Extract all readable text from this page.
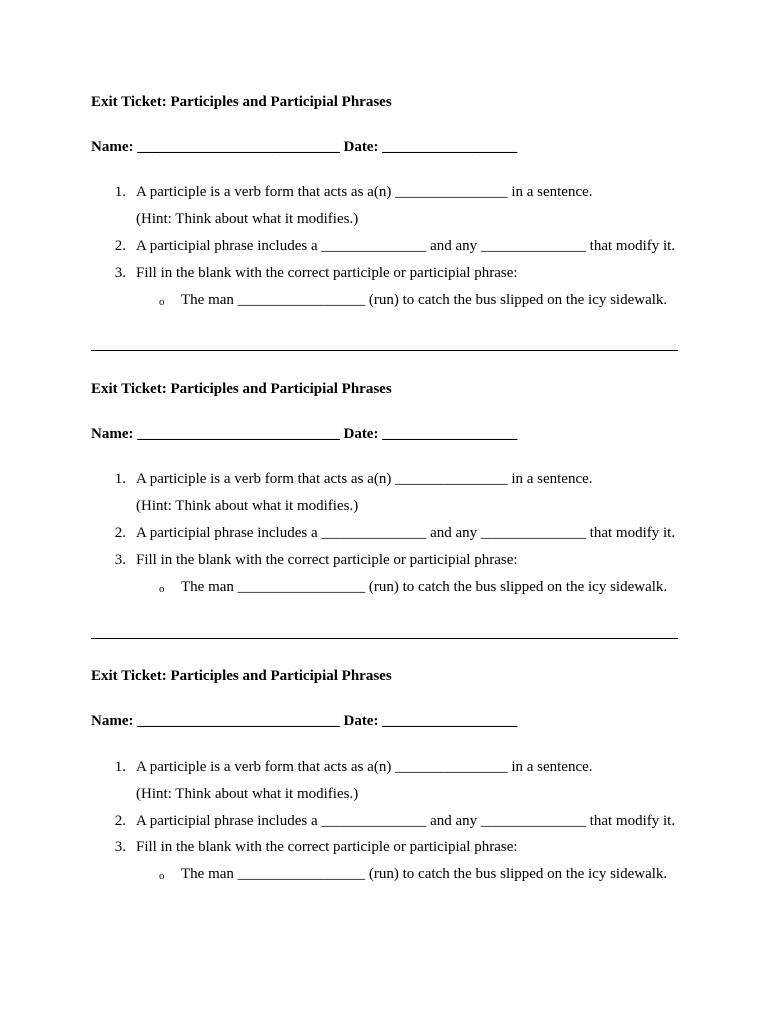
Exit Ticket: Participles and Participial Phrases
Name: ___________________________ Date: __________________
1. A participle is a verb form that acts as a(n) _______________ in a sentence.
(Hint: Think about what it modifies.)
2. A participial phrase includes a ______________ and any ______________ that modify it.
3. Fill in the blank with the correct participle or participial phrase:
o The man _________________ (run) to catch the bus slipped on the icy sidewalk.
Exit Ticket: Participles and Participial Phrases
Name: ___________________________ Date: __________________
1. A participle is a verb form that acts as a(n) _______________ in a sentence.
(Hint: Think about what it modifies.)
2. A participial phrase includes a ______________ and any ______________ that modify it.
3. Fill in the blank with the correct participle or participial phrase:
o The man _________________ (run) to catch the bus slipped on the icy sidewalk.
Exit Ticket: Participles and Participial Phrases
Name: ___________________________ Date: __________________
1. A participle is a verb form that acts as a(n) _______________ in a sentence.
(Hint: Think about what it modifies.)
2. A participial phrase includes a ______________ and any ______________ that modify it.
3. Fill in the blank with the correct participle or participial phrase:
o The man _________________ (run) to catch the bus slipped on the icy sidewalk.
